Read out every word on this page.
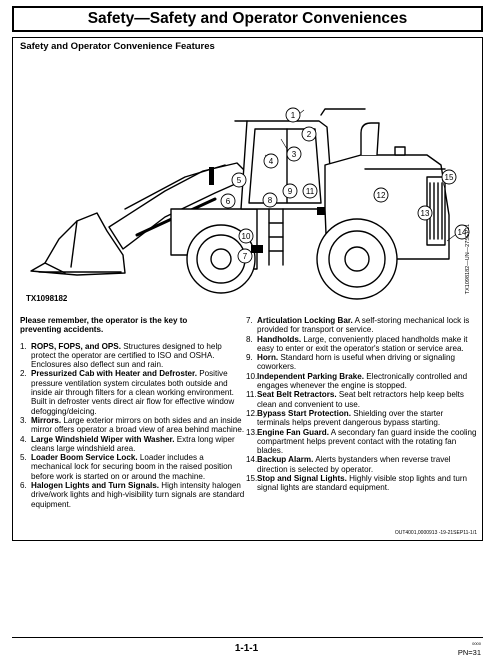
Safety—Safety and Operator Conveniences
Safety and Operator Convenience Features
1
2
3
4
5
6
7
8
9
10
11	12
13
14
15
TX1098182
TX1098182—UN—27SEP11
Please remember, the operator is the key to preventing accidents.
1. ROPS, FOPS, and OPS. Structures designed to help protect the operator are certified to ISO and OSHA. Enclosures also deflect sun and rain.
2. Pressurized Cab with Heater and Defroster. Positive pressure ventilation system circulates both outside and inside air through filters for a clean working environment. Built in defroster vents direct air flow for effective window defogging/deicing.
3. Mirrors. Large exterior mirrors on both sides and an inside mirror offers operator a broad view of area behind machine.
4. Large Windshield Wiper with Washer. Extra long wiper cleans large windshield area.
5. Loader Boom Service Lock. Loader includes a mechanical lock for securing boom in the raised position before work is started on or around the machine.
6. Halogen Lights and Turn Signals. High intensity halogen drive/work lights and high-visibility turn signals are standard equipment.
7. Articulation Locking Bar. A self-storing mechanical lock is provided for transport or service.
8. Handholds. Large, conveniently placed handholds make it easy to enter or exit the operator's station or service area.
9. Horn. Standard horn is useful when driving or signaling coworkers.
10. Independent Parking Brake. Electronically controlled and engages whenever the engine is stopped.
11. Seat Belt Retractors. Seat belt retractors help keep belts clean and convenient to use.
12. Bypass Start Protection. Shielding over the starter terminals helps prevent dangerous bypass starting.
13. Engine Fan Guard. A secondary fan guard inside the cooling compartment helps prevent contact with the rotating fan blades.
14. Backup Alarm. Alerts bystanders when reverse travel direction is selected by operator.
15. Stop and Signal Lights. Highly visible stop lights and turn signal lights are standard equipment.
OUT4001,0000913 -19-21SEP11-1/1
1-1-1	0000
PN=31
